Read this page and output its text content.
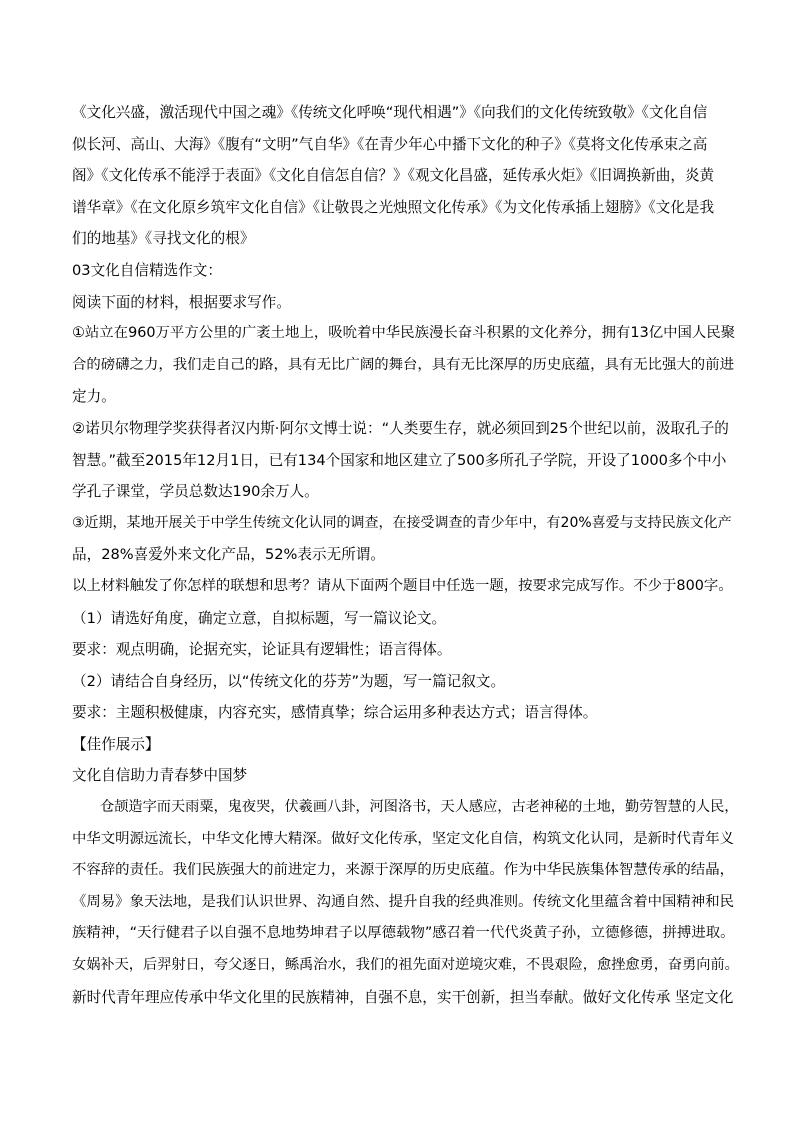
《文化兴盛，激活现代中国之魂》《传统文化呼唤“现代相遇”》《向我们的文化传统致敬》《文化自信
似长河、高山、大海》《腹有“文明”气自华》《在青少年心中播下文化的种子》《莫将文化传承束之高
阁》《文化传承不能浮于表面》《文化自信怎自信？》《观文化昌盛，延传承火炬》《旧调换新曲，炎黄
谱华章》《在文化原乡筑牢文化自信》《让敬畏之光烛照文化传承》《为文化传承插上翅膀》《文化是我
们的地基》《寻找文化的根》
03文化自信精选作文：
阅读下面的材料，根据要求写作。
①站立在960万平方公里的广袤土地上，吸吮着中华民族漫长奋斗积累的文化养分，拥有13亿中国人民聚
合的磅礴之力，我们走自己的路，具有无比广阔的舞台，具有无比深厚的历史底蕴，具有无比强大的前进
定力。
②诺贝尔物理学奖获得者汉内斯·阿尔文博士说：“人类要生存，就必须回到25个世纪以前，汲取孔子的
智慧。”截至2015年12月1日，已有134个国家和地区建立了500多所孔子学院，开设了1000多个中小
学孔子课堂，学员总数达190余万人。
③近期，某地开展关于中学生传统文化认同的调查，在接受调查的青少年中，有20%喜爱与支持民族文化产
品，28%喜爱外来文化产品，52%表示无所谓。
以上材料触发了你怎样的联想和思考？请从下面两个题目中任选一题，按要求完成写作。不少于800字。
（1）请选好角度，确定立意，自拟标题，写一篇议论文。
要求：观点明确，论据充实，论证具有逻辑性；语言得体。
（2）请结合自身经历，以“传统文化的芬芳”为题，写一篇记叙文。
要求：主题积极健康，内容充实，感情真挚；综合运用多种表达方式；语言得体。
【佳作展示】
文化自信助力青春梦中国梦
仓颉造字而天雨粟，鬼夜哭，伏羲画八卦，河图洛书，天人感应，古老神秘的土地，勤劳智慧的人民，
中华文明源远流长，中华文化博大精深。做好文化传承，坚定文化自信，构筑文化认同，是新时代青年义
不容辞的责任。我们民族强大的前进定力，来源于深厚的历史底蕴。作为中华民族集体智慧传承的结晶，
《周易》象天法地，是我们认识世界、沟通自然、提升自我的经典准则。传统文化里蕴含着中国精神和民
族精神，“天行健君子以自强不息地势坤君子以厚德载物”感召着一代代炎黄子孙，立德修德，拼搏进取。
女娲补天，后羿射日，夸父逐日，鲧禹治水，我们的祖先面对逆境灾难，不畏艰险，愈挫愈勇，奋勇向前。
新时代青年理应传承中华文化里的民族精神，自强不息，实干创新，担当奉献。做好文化传承 坚定文化
